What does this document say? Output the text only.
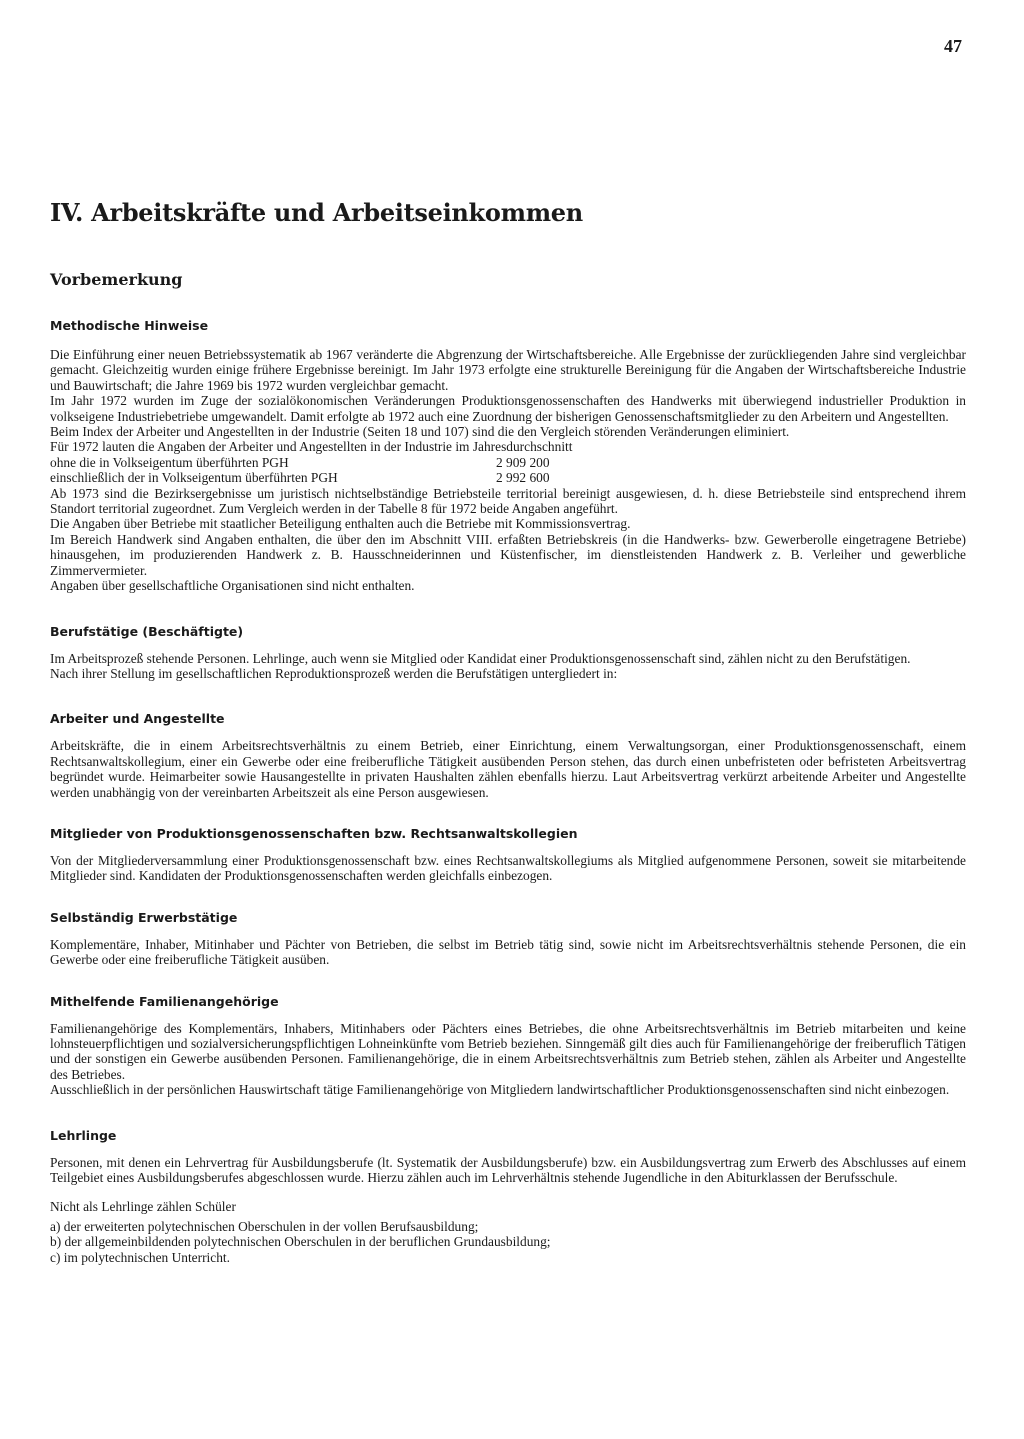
47
IV. Arbeitskräfte und Arbeitseinkommen
Vorbemerkung
Methodische Hinweise

Die Einführung einer neuen Betriebssystematik ab 1967 veränderte die Abgrenzung der Wirtschaftsbereiche. Alle Ergebnisse der zurückliegenden Jahre sind vergleichbar gemacht. Gleichzeitig wurden einige frühere Ergebnisse bereinigt. Im Jahr 1973 erfolgte eine strukturelle Bereinigung für die Angaben der Wirtschaftsbereiche Industrie und Bauwirtschaft; die Jahre 1969 bis 1972 wurden vergleichbar gemacht.

Im Jahr 1972 wurden im Zuge der sozialökonomischen Veränderungen Produktionsgenossenschaften des Handwerks mit überwiegend industrieller Produktion in volkseigene Industriebetriebe umgewandelt. Damit erfolgte ab 1972 auch eine Zuordnung der bisherigen Genossenschaftsmitglieder zu den Arbeitern und Angestellten.

Beim Index der Arbeiter und Angestellten in der Industrie (Seiten 18 und 107) sind die den Vergleich störenden Veränderungen eliminiert.

Für 1972 lauten die Angaben der Arbeiter und Angestellten in der Industrie im Jahresdurchschnitt

ohne die in Volkseigentum überführten PGH	2 909 200
einschließlich der in Volkseigentum überführten PGH	2 992 600

Ab 1973 sind die Bezirksergebnisse um juristisch nichtselbständige Betriebsteile territorial bereinigt ausgewiesen, d. h. diese Betriebsteile sind entsprechend ihrem Standort territorial zugeordnet. Zum Vergleich werden in der Tabelle 8 für 1972 beide Angaben angeführt.

Die Angaben über Betriebe mit staatlicher Beteiligung enthalten auch die Betriebe mit Kommissionsvertrag.

Im Bereich Handwerk sind Angaben enthalten, die über den im Abschnitt VIII. erfaßten Betriebskreis (in die Handwerks- bzw. Gewerberolle eingetragene Betriebe) hinausgehen, im produzierenden Handwerk z. B. Hausschneiderinnen und Küstenfischer, im dienstleistenden Handwerk z. B. Verleiher und gewerbliche Zimmervermieter.

Angaben über gesellschaftliche Organisationen sind nicht enthalten.

Berufstätige (Beschäftigte)

Im Arbeitsprozeß stehende Personen. Lehrlinge, auch wenn sie Mitglied oder Kandidat einer Produktionsgenossenschaft sind, zählen nicht zu den Berufstätigen.

Nach ihrer Stellung im gesellschaftlichen Reproduktionsprozeß werden die Berufstätigen untergliedert in:

Arbeiter und Angestellte

Arbeitskräfte, die in einem Arbeitsrechtsverhältnis zu einem Betrieb, einer Einrichtung, einem Verwaltungsorgan, einer Produktionsgenossenschaft, einem Rechtsanwaltskollegium, einer ein Gewerbe oder eine freiberufliche Tätigkeit ausübenden Person stehen, das durch einen unbefristeten oder befristeten Arbeitsvertrag begründet wurde. Heimarbeiter sowie Hausangestellte in privaten Haushalten zählen ebenfalls hierzu. Laut Arbeitsvertrag verkürzt arbeitende Arbeiter und Angestellte werden unabhängig von der vereinbarten Arbeitszeit als eine Person ausgewiesen.

Mitglieder von Produktionsgenossenschaften bzw. Rechtsanwaltskollegien

Von der Mitgliederversammlung einer Produktionsgenossenschaft bzw. eines Rechtsanwaltskollegiums als Mitglied aufgenommene Personen, soweit sie mitarbeitende Mitglieder sind. Kandidaten der Produktionsgenossenschaften werden gleichfalls einbezogen.

Selbständig Erwerbstätige

Komplementäre, Inhaber, Mitinhaber und Pächter von Betrieben, die selbst im Betrieb tätig sind, sowie nicht im Arbeitsrechtsverhältnis stehende Personen, die ein Gewerbe oder eine freiberufliche Tätigkeit ausüben.

Mithelfende Familienangehörige

Familienangehörige des Komplementärs, Inhabers, Mitinhabers oder Pächters eines Betriebes, die ohne Arbeitsrechtsverhältnis im Betrieb mitarbeiten und keine lohnsteuerpflichtigen und sozialversicherungspflichtigen Lohneinkünfte vom Betrieb beziehen. Sinngemäß gilt dies auch für Familienangehörige der freiberuflich Tätigen und der sonstigen ein Gewerbe ausübenden Personen. Familienangehörige, die in einem Arbeitsrechtsverhältnis zum Betrieb stehen, zählen als Arbeiter und Angestellte des Betriebes.

Ausschließlich in der persönlichen Hauswirtschaft tätige Familienangehörige von Mitgliedern landwirtschaftlicher Produktionsgenossenschaften sind nicht einbezogen.

Lehrlinge

Personen, mit denen ein Lehrvertrag für Ausbildungsberufe (lt. Systematik der Ausbildungsberufe) bzw. ein Ausbildungsvertrag zum Erwerb des Abschlusses auf einem Teilgebiet eines Ausbildungsberufes abgeschlossen wurde. Hierzu zählen auch im Lehrverhältnis stehende Jugendliche in den Abiturklassen der Berufsschule.

Nicht als Lehrlinge zählen Schüler

a) der erweiterten polytechnischen Oberschulen in der vollen Berufsausbildung;
b) der allgemeinbildenden polytechnischen Oberschulen in der beruflichen Grundausbildung;
c) im polytechnischen Unterricht.
